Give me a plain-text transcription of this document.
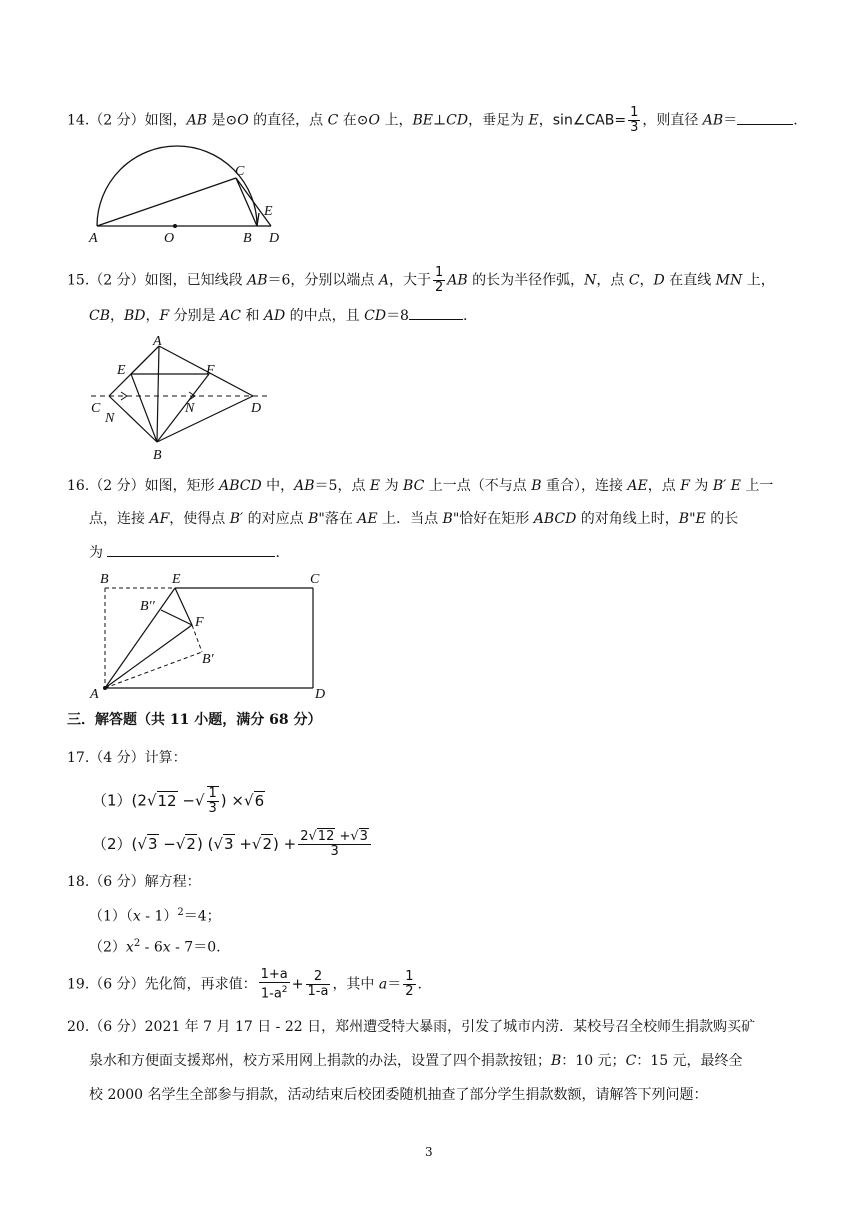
14.（2 分）如图，AB 是⊙O 的直径，点 C 在⊙O 上，BE⊥CD，垂足为 E，sin∠CAB= $\frac{1}{3}$ ，则直径 AB＝	.
A	O	B D
C
E
15.（2 分）如图，已知线段 AB＝6，分别以端点 A，大于 $\frac{1}{2}$ AB 的长为半径作弧，N，点 C，D 在直线 MN 上，
CB，BD，F 分别是 AC 和 AD 的中点，且 CD＝8	.
A
E	F
C
N
N	D
B
16.（2 分）如图，矩形 ABCD 中，AB＝5，点 E 为 BC 上一点（不与点 B 重合），连接 AE，点 F 为 B′ E 上一
点，连接 AF，使得点 B′ 的对应点 B"落在 AE 上．当点 B"恰好在矩形 ABCD 的对角线上时，B"E 的长
为	.
B	E	C
B′′
F
B′
A	D
三．解答题（共 11 小题，满分 68 分）
17.（4 分）计算：
（1）(2√12 −√ $\frac{1}{3}$ ) ×√6
（2）(√3 −√2) $(√3 +√2) + \frac{2√12 +√3}{3}$
18.（6 分）解方程：
（1）（x - 1）$^2$＝4；
$(2)x^2 - 6x - 7=0$.
19.（6 分）先化简，再求值： $\frac{1+a}{1-a^2} + \frac{2}{1-a}$ ，其中 $a= \frac{1}{2}$ .
20.（6 分）2021 年 7 月 17 日 - 22 日，郑州遭受特大暴雨，引发了城市内涝．某校号召全校师生捐款购买矿
泉水和方便面支援郑州，校方采用网上捐款的办法，设置了四个捐款按钮；B：10 元；C：15 元，最终全
校 2000 名学生全部参与捐款，活动结束后校团委随机抽查了部分学生捐款数额，请解答下列问题：
3
